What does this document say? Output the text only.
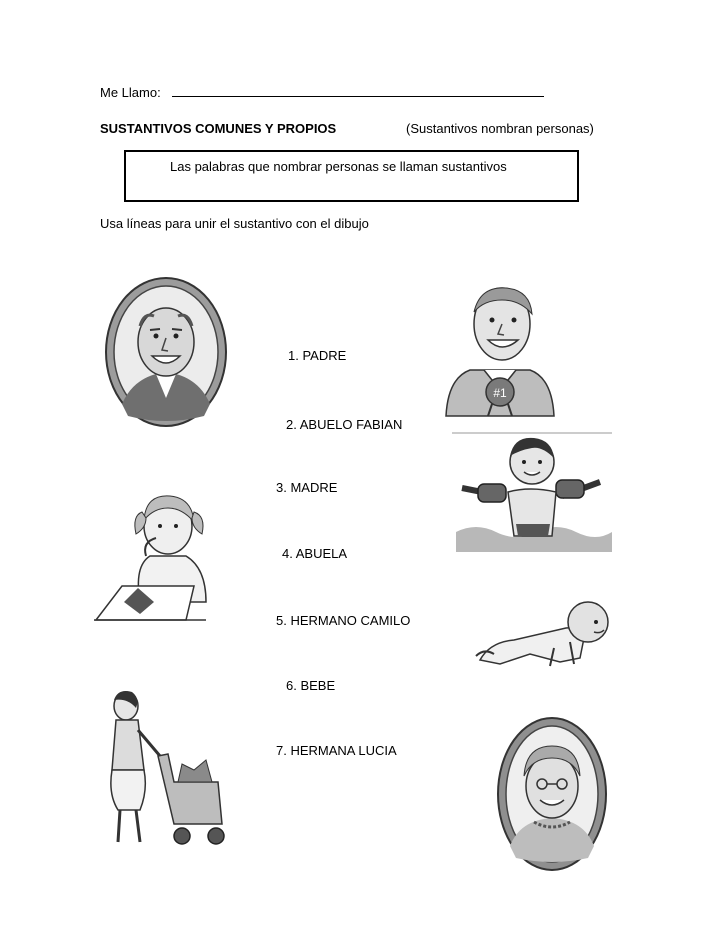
Me Llamo:
SUSTANTIVOS COMUNES Y PROPIOS	(Sustantivos nombran personas)
Las palabras que nombrar personas se llaman sustantivos
Usa líneas para unir el sustantivo con el dibujo
1. PADRE
2. ABUELO FABIAN
3. MADRE
4. ABUELA
5. HERMANO CAMILO
6. BEBE
7. HERMANA LUCIA
#1
